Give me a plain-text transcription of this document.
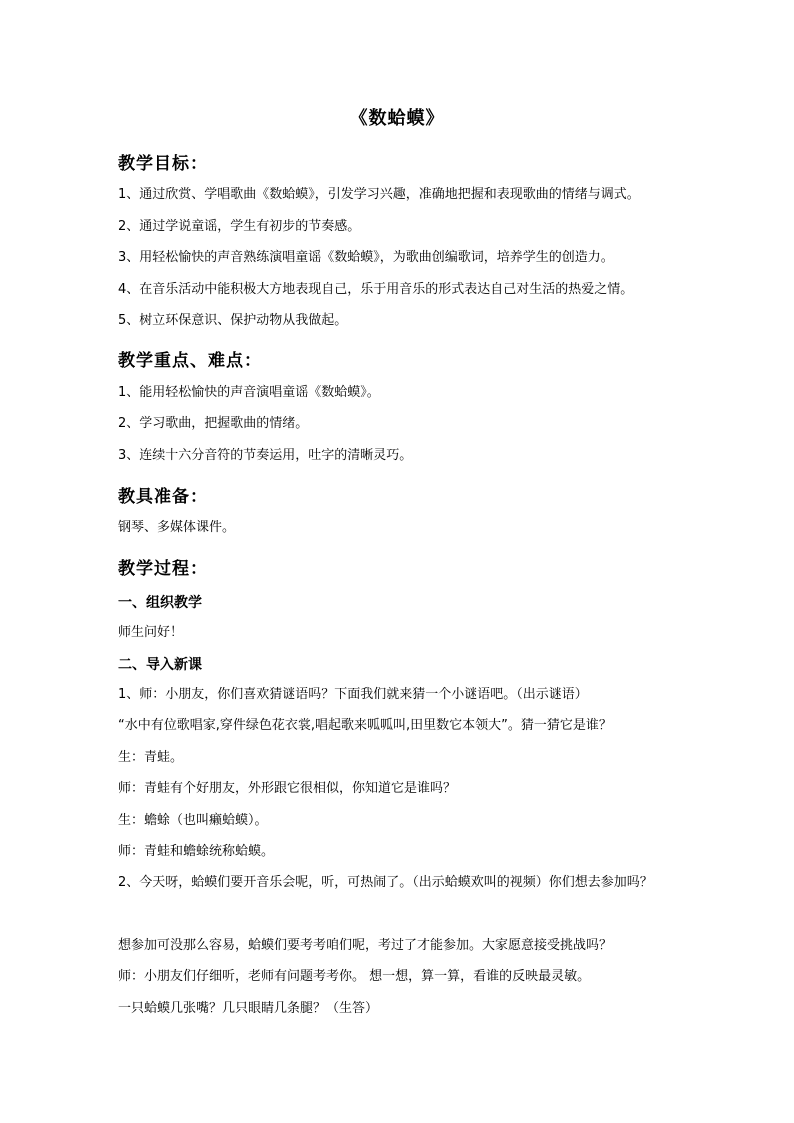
《数蛤蟆》
教学目标：
1、通过欣赏、学唱歌曲《数蛤蟆》，引发学习兴趣，准确地把握和表现歌曲的情绪与调式。
2、通过学说童谣，学生有初步的节奏感。
3、用轻松愉快的声音熟练演唱童谣《数蛤蟆》，为歌曲创编歌词，培养学生的创造力。
4、在音乐活动中能积极大方地表现自己，乐于用音乐的形式表达自己对生活的热爱之情。
5、树立环保意识、保护动物从我做起。
教学重点、难点：
1、能用轻松愉快的声音演唱童谣《数蛤蟆》。
2、学习歌曲，把握歌曲的情绪。
3、连续十六分音符的节奏运用，吐字的清晰灵巧。
教具准备：
钢琴、多媒体课件。
教学过程：
一、组织教学
师生问好！
二、导入新课
1、师：小朋友，你们喜欢猜谜语吗？下面我们就来猜一个小谜语吧。（出示谜语）
“水中有位歌唱家,穿件绿色花衣裳,唱起歌来呱呱叫,田里数它本领大”。猜一猜它是谁？
生：青蛙。
师：青蛙有个好朋友，外形跟它很相似，你知道它是谁吗？
生：蟾蜍（也叫癞蛤蟆）。
师：青蛙和蟾蜍统称蛤蟆。
2、今天呀，蛤蟆们要开音乐会呢，听，可热闹了。（出示蛤蟆欢叫的视频）你们想去参加吗？
想参加可没那么容易，蛤蟆们要考考咱们呢，考过了才能参加。大家愿意接受挑战吗？
师：小朋友们仔细听，老师有问题考考你。 想一想，算一算，看谁的反映最灵敏。
一只蛤蟆几张嘴？几只眼睛几条腿？（生答）
